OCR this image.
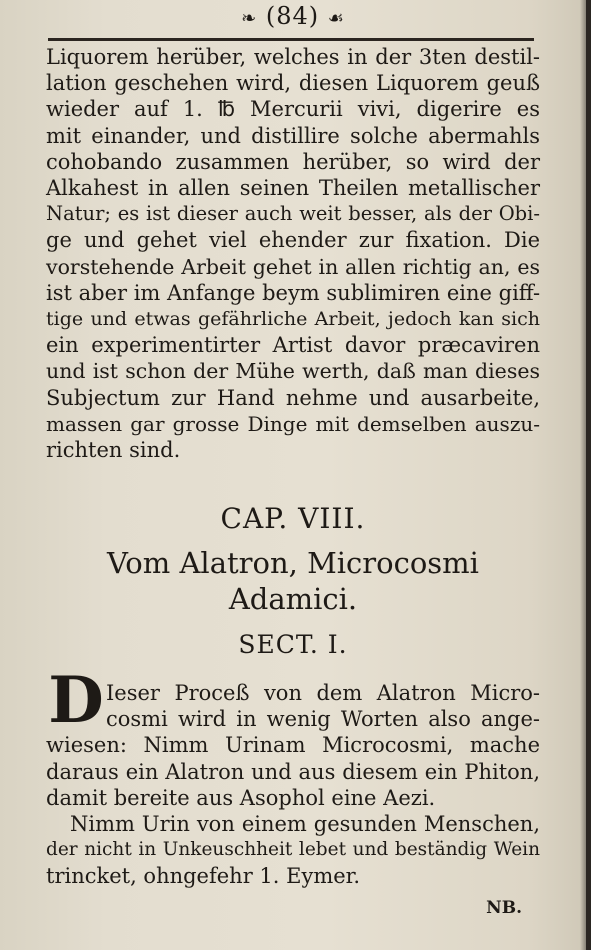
❧ (84) ☙
Liquorem herüber, welches in der 3ten destil-
lation geschehen wird, diesen Liquorem geuß
wieder auf 1. ℔ Mercurii vivi, digerire es
mit einander, und distillire solche abermahls
cohobando zusammen herüber, so wird der
Alkahest in allen seinen Theilen metallischer
Natur; es ist dieser auch weit besser, als der Obi-
ge und gehet viel ehender zur fixation. Die
vorstehende Arbeit gehet in allen richtig an, es
ist aber im Anfange beym sublimiren eine giff-
tige und etwas gefährliche Arbeit, jedoch kan sich
ein experimentirter Artist davor præcaviren
und ist schon der Mühe werth, daß man dieses
Subjectum zur Hand nehme und ausarbeite,
massen gar grosse Dinge mit demselben auszu-
richten sind.
CAP. VIII.
Vom Alatron, Microcosmi
Adamici.
SECT. I.
D Ieser Proceß von dem Alatron Micro-
cosmi wird in wenig Worten also ange-
wiesen: Nimm Urinam Microcosmi, mache
daraus ein Alatron und aus diesem ein Phiton,
damit bereite aus Asophol eine Aezi.
Nimm Urin von einem gesunden Menschen,
der nicht in Unkeuschheit lebet und beständig Wein
trincket, ohngefehr 1. Eymer.
NB.
